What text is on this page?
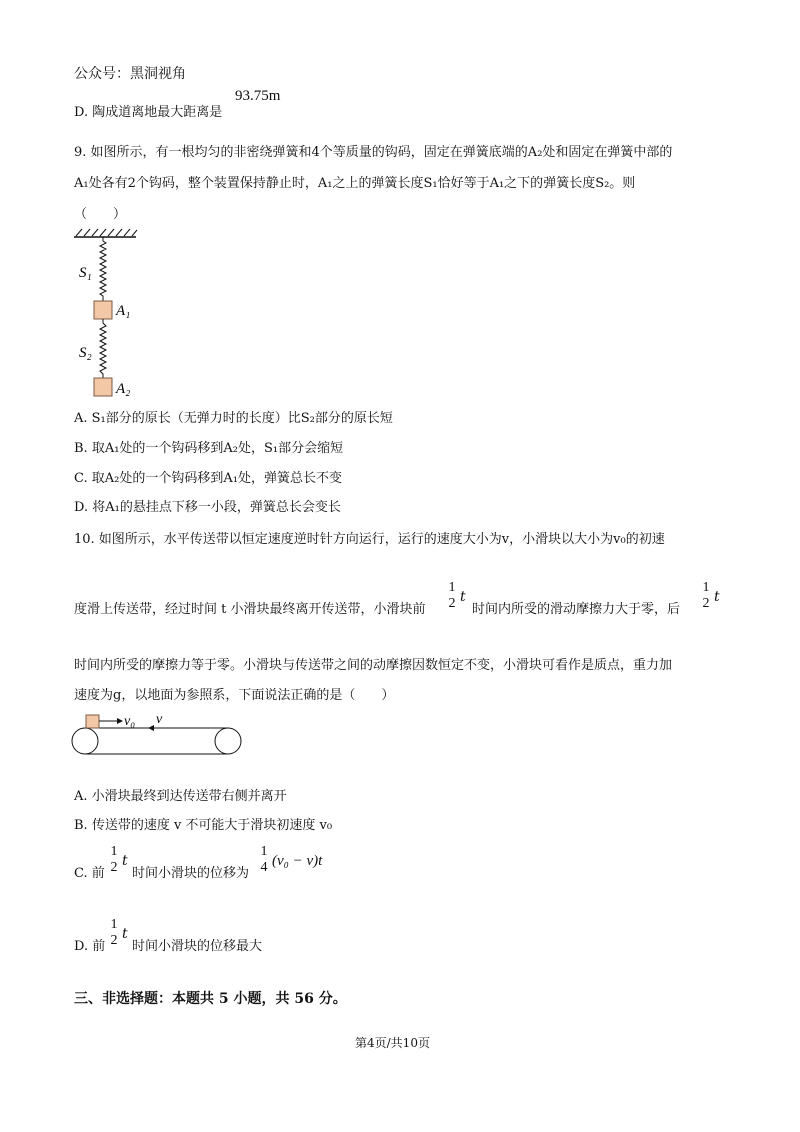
公众号：黑洞视角
D. 陶成道离地最大距离是
93.75m
9. 如图所示，有一根均匀的非密绕弹簧和4个等质量的钩码，固定在弹簧底端的A₂处和固定在弹簧中部的
A₁处各有2个钩码，整个装置保持静止时，A₁之上的弹簧长度S₁恰好等于A₁之下的弹簧长度S₂。则
（　　）
S₁
A₁
S₂
A₂
A. S₁部分的原长（无弹力时的长度）比S₂部分的原长短
B. 取A₁处的一个钩码移到A₂处，S₁部分会缩短
C. 取A₂处的一个钩码移到A₁处，弹簧总长不变
D. 将A₁的悬挂点下移一小段，弹簧总长会变长
10. 如图所示，水平传送带以恒定速度逆时针方向运行，运行的速度大小为v，小滑块以大小为v₀的初速
度滑上传送带，经过时间 t 小滑块最终离开传送带，小滑块前
1
2 t
时间内所受的滑动摩擦力大于零，后
1
2 t
时间内所受的摩擦力等于零。小滑块与传送带之间的动摩擦因数恒定不变，小滑块可看作是质点，重力加
速度为g，以地面为参照系，下面说法正确的是（　　）
v₀ v
A. 小滑块最终到达传送带右侧并离开
B. 传送带的速度 v 不可能大于滑块初速度 v₀
C. 前
1
2 t
时间小滑块的位移为
1
4 (v₀ − v)t
D. 前
1
2 t
时间小滑块的位移最大
三、非选择题：本题共 5 小题，共 56 分。
第4页/共10页
